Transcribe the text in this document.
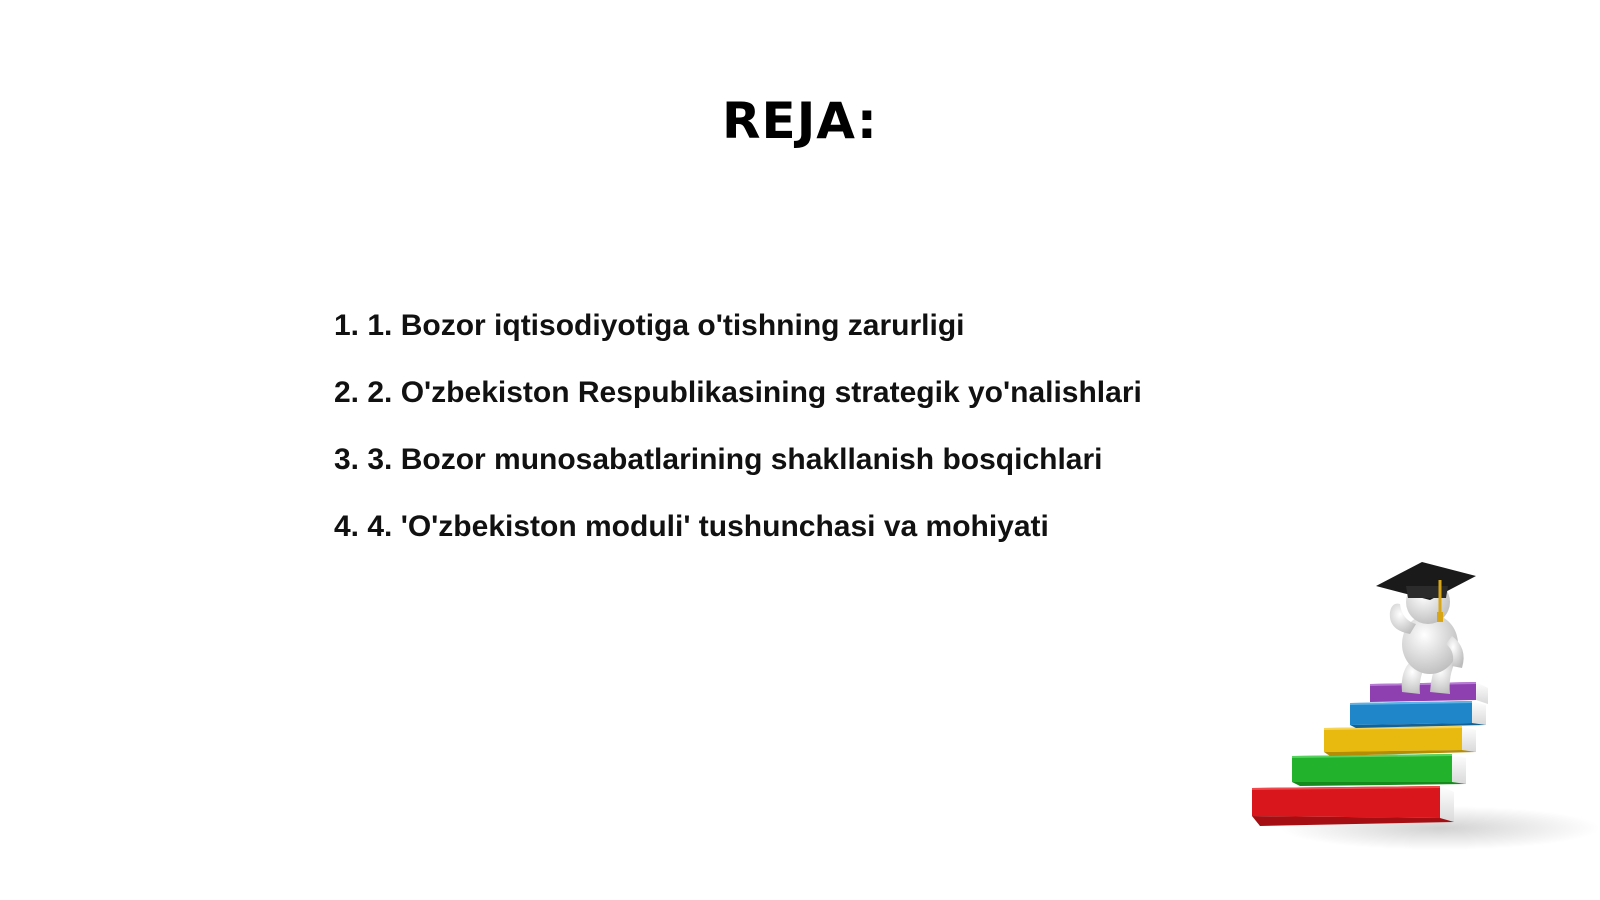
REJA:
1. 1. Bozor iqtisodiyotiga o'tishning zarurligi
2. 2. O'zbekiston Respublikasining strategik yo'nalishlari
3. 3. Bozor munosabatlarining shakllanish bosqichlari
4. 4. 'O'zbekiston moduli' tushunchasi va mohiyati
